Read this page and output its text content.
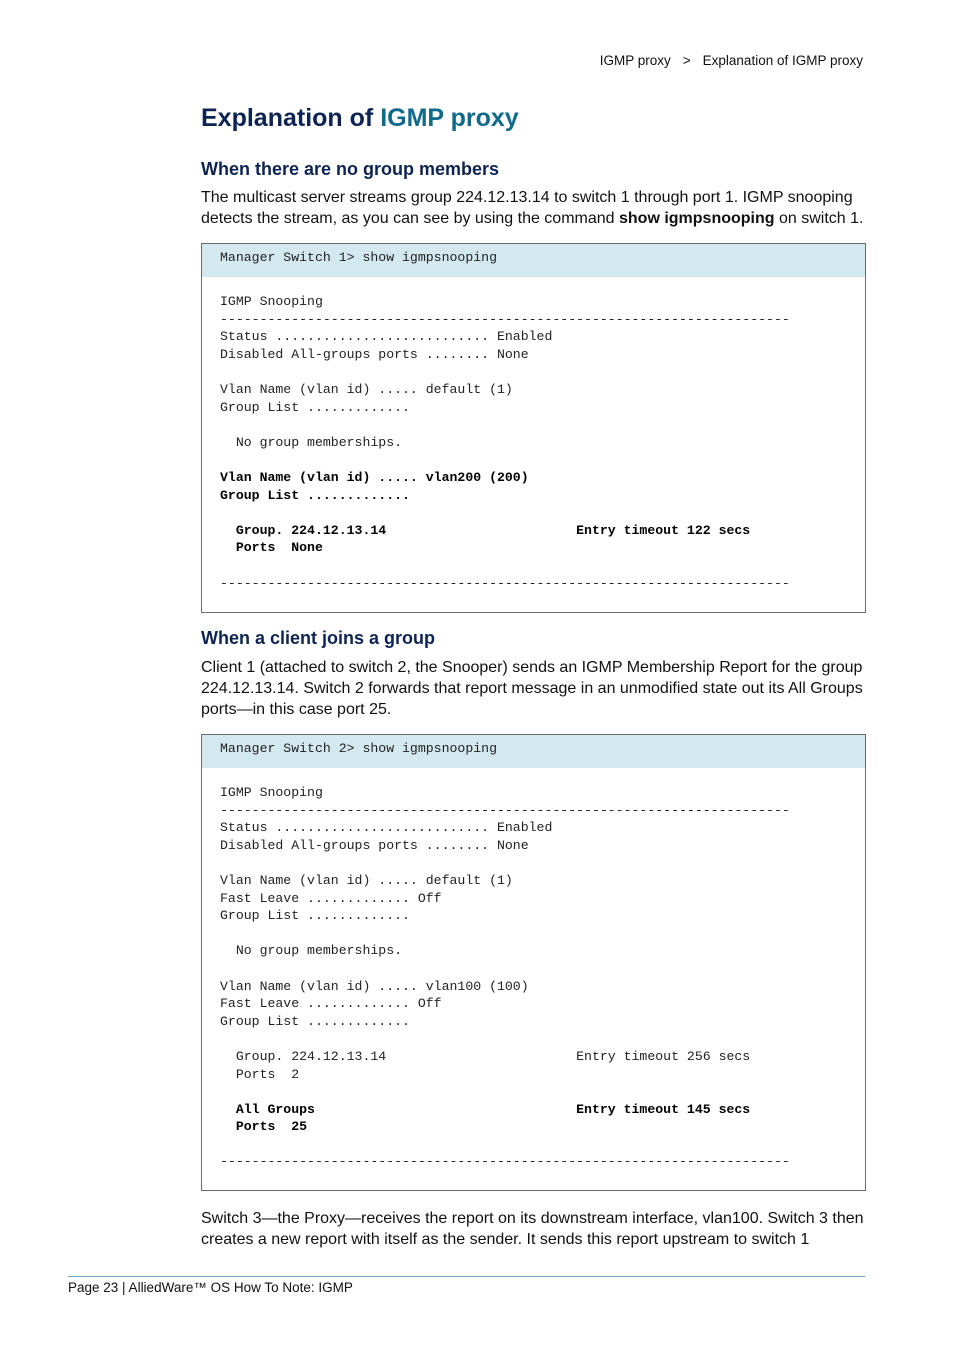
IGMP proxy > Explanation of IGMP proxy
Explanation of IGMP proxy
When there are no group members

The multicast server streams group 224.12.13.14 to switch 1 through port 1. IGMP snooping detects the stream, as you can see by using the command show igmpsnooping on switch 1.

Manager Switch 1> show igmpsnooping
IGMP Snooping
------------------------------------------------------------------------
Status ........................... Enabled
Disabled All-groups ports ........ None
Vlan Name (vlan id) ..... default (1)
Group List .............
No group memberships.
Vlan Name (vlan id) ..... vlan200 (200)
Group List .............
Group. 224.12.13.14                        Entry timeout 122 secs
Ports  None
------------------------------------------------------------------------
When a client joins a group

Client 1 (attached to switch 2, the Snooper) sends an IGMP Membership Report for the group 224.12.13.14. Switch 2 forwards that report message in an unmodified state out its All Groups ports—in this case port 25.

Manager Switch 2> show igmpsnooping
IGMP Snooping
------------------------------------------------------------------------
Status ........................... Enabled
Disabled All-groups ports ........ None
Vlan Name (vlan id) ..... default (1)
Fast Leave ............. Off
Group List .............
No group memberships.
Vlan Name (vlan id) ..... vlan100 (100)
Fast Leave ............. Off
Group List .............
Group. 224.12.13.14                        Entry timeout 256 secs
Ports  2
All Groups                                 Entry timeout 145 secs
Ports  25
------------------------------------------------------------------------

Switch 3—the Proxy—receives the report on its downstream interface, vlan100. Switch 3 then creates a new report with itself as the sender. It sends this report upstream to switch 1

Page 23 | AlliedWare™ OS How To Note: IGMP
